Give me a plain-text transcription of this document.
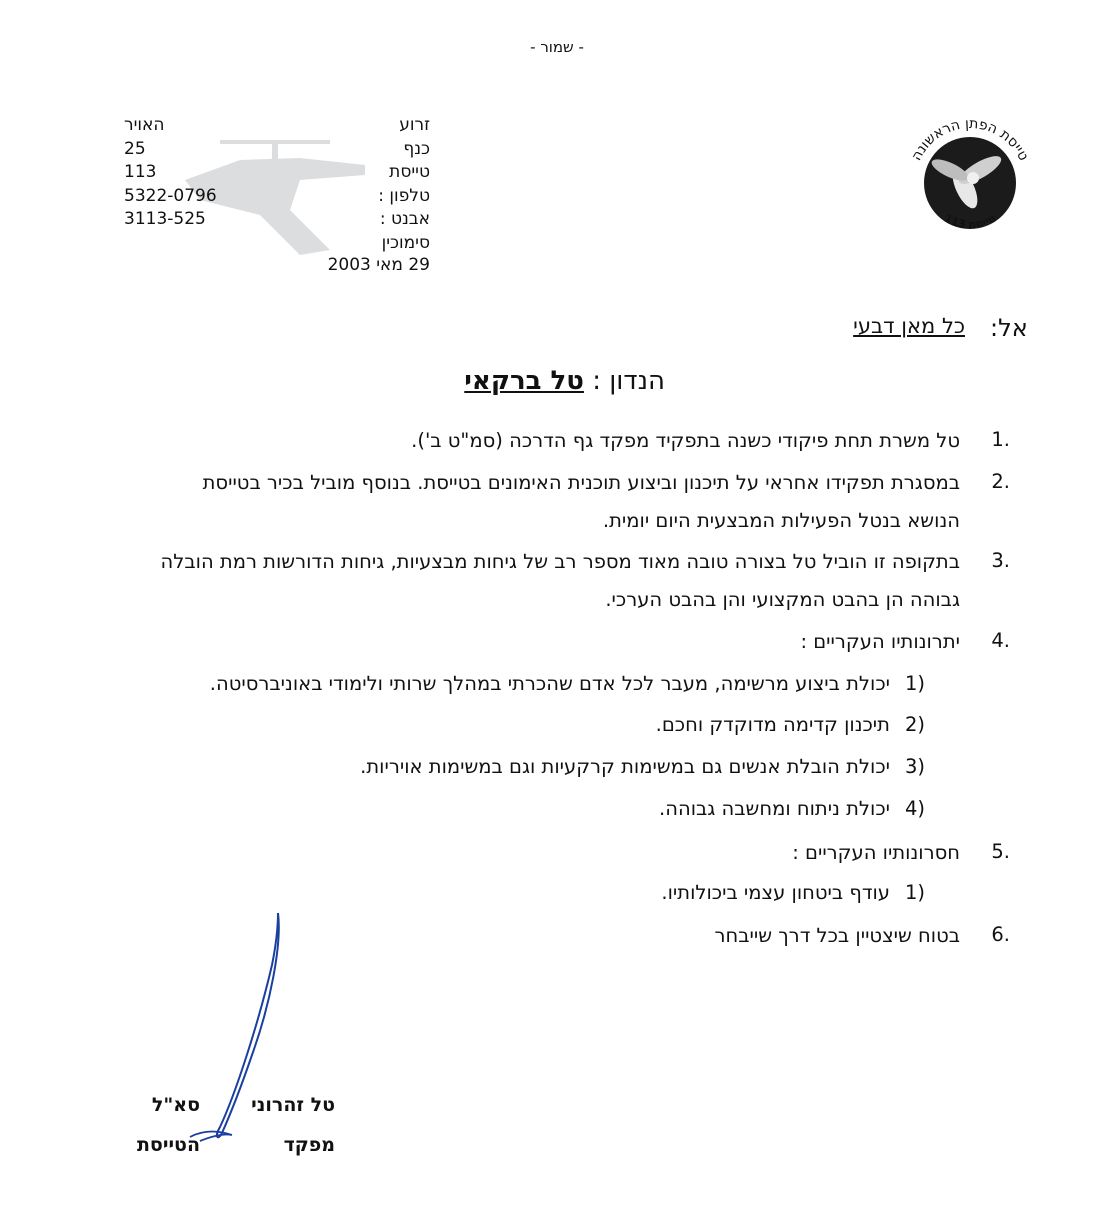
- שמור -
זרוע
כנף
טייסת
טלפון :
אבנט :
סימוכין
האויר
25
113
5322-0796
3113-525
29 מאי 2003
טייסת הפתן הראשונה
טייסת 113
אל:
כל מאן דבעי
הנדון : טל ברקאי
1.
טל משרת תחת פיקודי כשנה בתפקיד מפקד גף הדרכה (סמ"ט ב').
2.
במסגרת תפקידו אחראי על תיכנון וביצוע תוכנית האימונים בטייסת. בנוסף מוביל בכיר בטייסת
הנושא בנטל הפעילות המבצעית היום יומית.
3.
בתקופה זו הוביל טל בצורה טובה מאוד מספר רב של גיחות מבצעיות, גיחות הדורשות רמת הובלה
גבוהה הן בהבט המקצועי והן בהבט הערכי.
4.
יתרונותיו העקריים :
1)
יכולת ביצוע מרשימה, מעבר לכל אדם שהכרתי במהלך שרותי ולימודי באוניברסיטה.
2)
תיכנון קדימה מדוקדק וחכם.
3)
יכולת הובלת אנשים גם במשימות קרקעיות וגם במשימות אויריות.
4)
יכולת ניתוח ומחשבה גבוהה.
5.
חסרונותיו העקריים :
1)
עודף ביטחון עצמי ביכולותיו.
6.
בטוח שיצטיין בכל דרך שייבחר
טל זהרוני
סא"ל
מפקד
הטייסת
